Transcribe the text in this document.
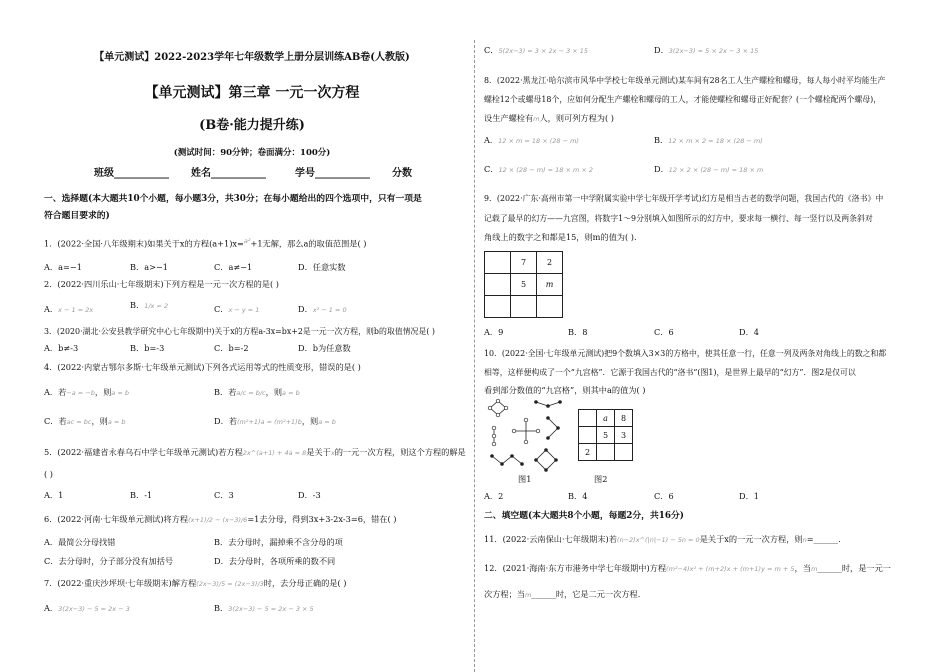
【单元测试】2022-2023学年七年级数学上册分层训练AB卷(人教版)
【单元测试】第三章 一元一次方程
(B卷·能力提升练)
(测试时间：90分钟；卷面满分：100分)
班级___________ 姓名___________	学号___________ 分数
一、选择题(本大题共10个小题，每小题3分，共30分；在每小题给出的四个选项中，只有一项是
符合题目要求的)
1．(2022·全国·八年级期末)如果关于x的方程(a+1)x=$^{a^2}$+1无解，那么a的取值范围是( )
A．a=−1	B．a>−1	C．a≠−1	D．任意实数
2．(2022·四川乐山·七年级期末)下列方程是一元一次方程的是( )
A．x − 1 = 2x	B．1/x = 2	C．x − y = 1	D．x² − 1 = 0
3．(2020·湖北·公安县教学研究中心七年级期中)关于x的方程a-3x=bx+2是一元一次方程，则b的取值情况是( )
A．b≠-3	B．b=-3	C．b=-2	D．b为任意数
4．(2022·内蒙古鄂尔多斯·七年级单元测试)下列各式运用等式的性质变形，错误的是( )
A．若−a = −b，则a = b	B．若a/c = b/c，则a = b
C．若ac = bc，则a = b	D．若(m²+1)a = (m²+1)b，则a = b
5．(2022·福建省永春乌石中学七年级单元测试)若方程2x^(a+1) + 4a = 8是关于x的一元一次方程，则这个方程的解是
( )
A．1	B．-1	C．3	D．-3
6．(2022·河南·七年级单元测试)将方程(x+1)/2 − (x−3)/6=1去分母，得到3x+3-2x-3=6，错在( )
A．最简公分母找错	B．去分母时，漏掉乘不含分母的项
C．去分母时，分子部分没有加括号	D．去分母时，各项所乘的数不同
7．(2022·重庆沙坪坝·七年级期末)解方程(2x−3)/5 = (2x−3)/3时，去分母正确的是( )
A．3(2x−3) − 5 = 2x − 3	B．3(2x−3) − 5 = 2x − 3 × 5
C．5(2x−3) = 3 × 2x − 3 × 15	D．3(2x−3) = 5 × 2x − 3 × 15
8．(2022·黑龙江·哈尔滨市风华中学校七年级单元测试)某车间有28名工人生产螺栓和螺母，每人每小时平均能生产
螺栓12个或螺母18个，应如何分配生产螺栓和螺母的工人，才能使螺栓和螺母正好配套？(一个螺栓配两个螺母)，
设生产螺栓有m人，则可列方程为( )
A．12 × m = 18 × (28 − m)	B．12 × m × 2 = 18 × (28 − m)
C．12 × (28 − m) = 18 × m × 2	D．12 × 2 × (28 − m) = 18 × m
9．(2022·广东·高州市第一中学附属实验中学七年级开学考试)幻方是相当古老的数学问题，我国古代的《洛书》中
记载了最早的幻方——九宫图，将数字1～9分别填入如图所示的幻方中，要求每一横行、每一竖行以及两条斜对
角线上的数字之和都是15，则m的值为( ).
	7	2
	5	m

A．9	B．8	C．6	D．4
10．(2022·全国·七年级单元测试)把9个数填入3×3的方格中，使其任意一行，任意一列及两条对角线上的数之和都
相等，这样便构成了一个“九宫格”．它源于我国古代的“洛书”(图1)，是世界上最早的“幻方”．图2是仅可以
看到部分数值的“九宫格”，则其中a的值为( )
图1
	a	8
	5	3
2		
图2
A．2	B．4	C．6	D．1
二、填空题(本大题共8个小题，每题2分，共16分)
11．(2022·云南保山·七年级期末)若(n−2)x^(|n|−1) − 5n = 0是关于x的一元一次方程，则n=______.
12．(2021·海南·东方市港务中学七年级期中)方程(m²−4)x² + (m+2)x + (m+1)y = m + 5，当m______时，是一元一
次方程；当m______时，它是二元一次方程.
